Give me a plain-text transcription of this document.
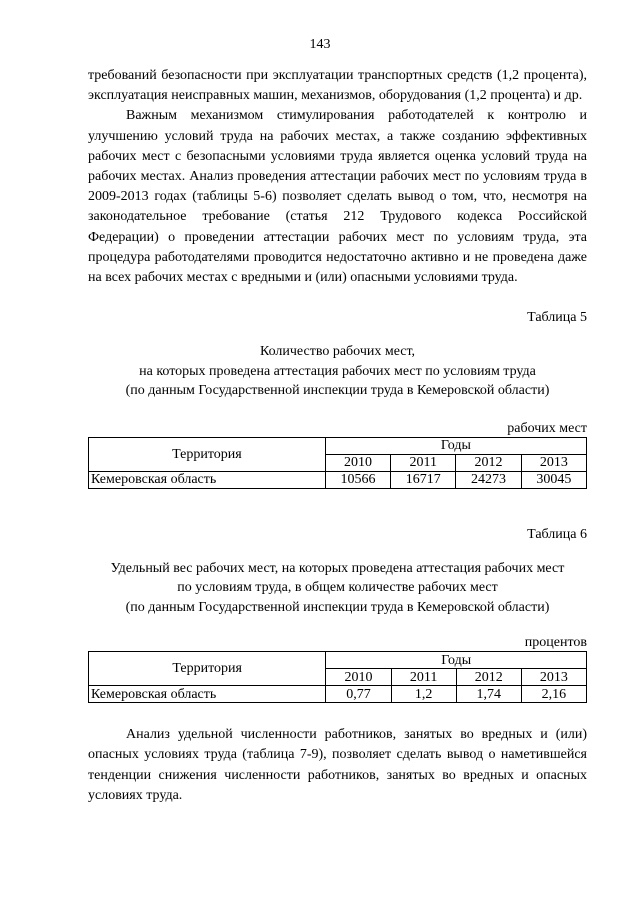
143

требований безопасности при эксплуатации транспортных средств (1,2 процента), эксплуатация неисправных машин, механизмов, оборудования (1,2 процента) и др.

Важным механизмом стимулирования работодателей к контролю и улучшению условий труда на рабочих местах, а также созданию эффективных рабочих мест с безопасными условиями труда является оценка условий труда на рабочих местах. Анализ проведения аттестации рабочих мест по условиям труда в 2009-2013 годах (таблицы 5-6) позволяет сделать вывод о том, что, несмотря на законодательное требование (статья 212 Трудового кодекса Российской Федерации) о проведении аттестации рабочих мест по условиям труда, эта процедура работодателями проводится недостаточно активно и не проведена даже на всех рабочих местах с вредными и (или) опасными условиями труда.

Таблица 5
Количество рабочих мест,
на которых проведена аттестация рабочих мест по условиям труда
(по данным Государственной инспекции труда в Кемеровской области)
рабочих мест
Территория	Годы			
	2010	2011	2012	2013
Кемеровская область	10566	16717	24273	30045
Таблица 6
Удельный вес рабочих мест, на которых проведена аттестация рабочих мест
по условиям труда, в общем количестве рабочих мест
(по данным Государственной инспекции труда в Кемеровской области)
процентов
Территория	Годы			
	2010	2011	2012	2013
Кемеровская область	0,77	1,2	1,74	2,16

Анализ удельной численности работников, занятых во вредных и (или) опасных условиях труда (таблица 7-9), позволяет сделать вывод о наметившейся тенденции снижения численности работников, занятых во вредных и опасных условиях труда.
